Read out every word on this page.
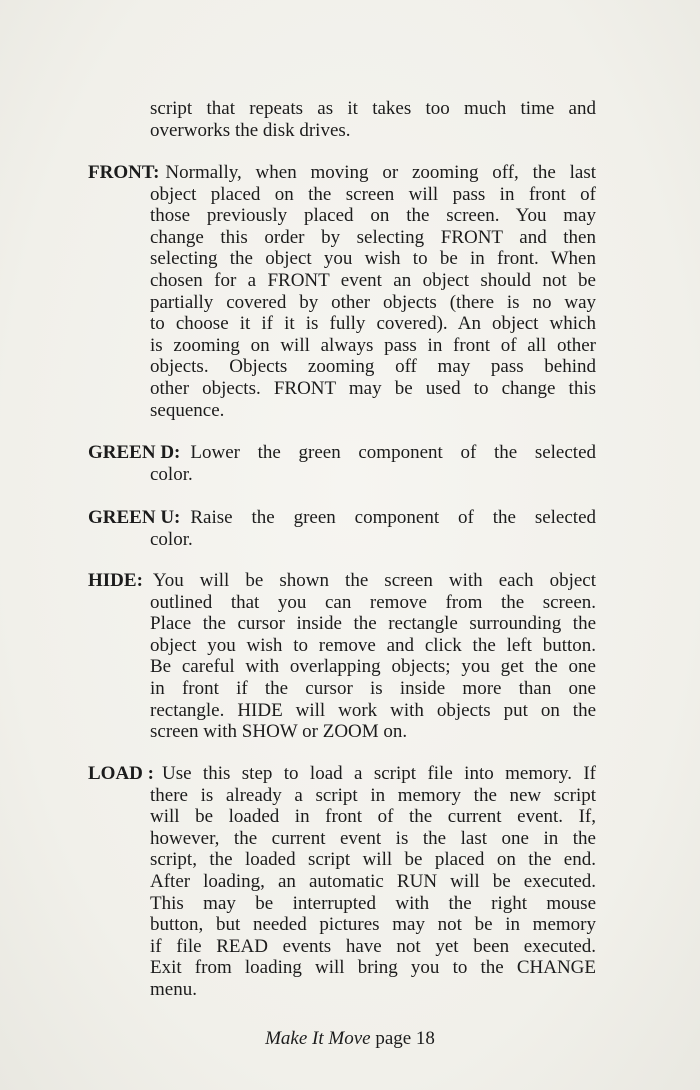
script that repeats as it takes too much time and
overworks the disk drives.
FRONT: Normally, when moving or zooming off, the last
object placed on the screen will pass in front of
those previously placed on the screen. You may
change this order by selecting FRONT and then
selecting the object you wish to be in front. When
chosen for a FRONT event an object should not be
partially covered by other objects (there is no way
to choose it if it is fully covered). An object which
is zooming on will always pass in front of all other
objects. Objects zooming off may pass behind
other objects. FRONT may be used to change this
sequence.
GREEN D: Lower the green component of the selected
color.
GREEN U: Raise the green component of the selected
color.
HIDE: You will be shown the screen with each object
outlined that you can remove from the screen.
Place the cursor inside the rectangle surrounding the
object you wish to remove and click the left button.
Be careful with overlapping objects; you get the one
in front if the cursor is inside more than one
rectangle. HIDE will work with objects put on the
screen with SHOW or ZOOM on.
LOAD : Use this step to load a script file into memory. If
there is already a script in memory the new script
will be loaded in front of the current event. If,
however, the current event is the last one in the
script, the loaded script will be placed on the end.
After loading, an automatic RUN will be executed.
This may be interrupted with the right mouse
button, but needed pictures may not be in memory
if file READ events have not yet been executed.
Exit from loading will bring you to the CHANGE
menu.
Make It Move page 18
